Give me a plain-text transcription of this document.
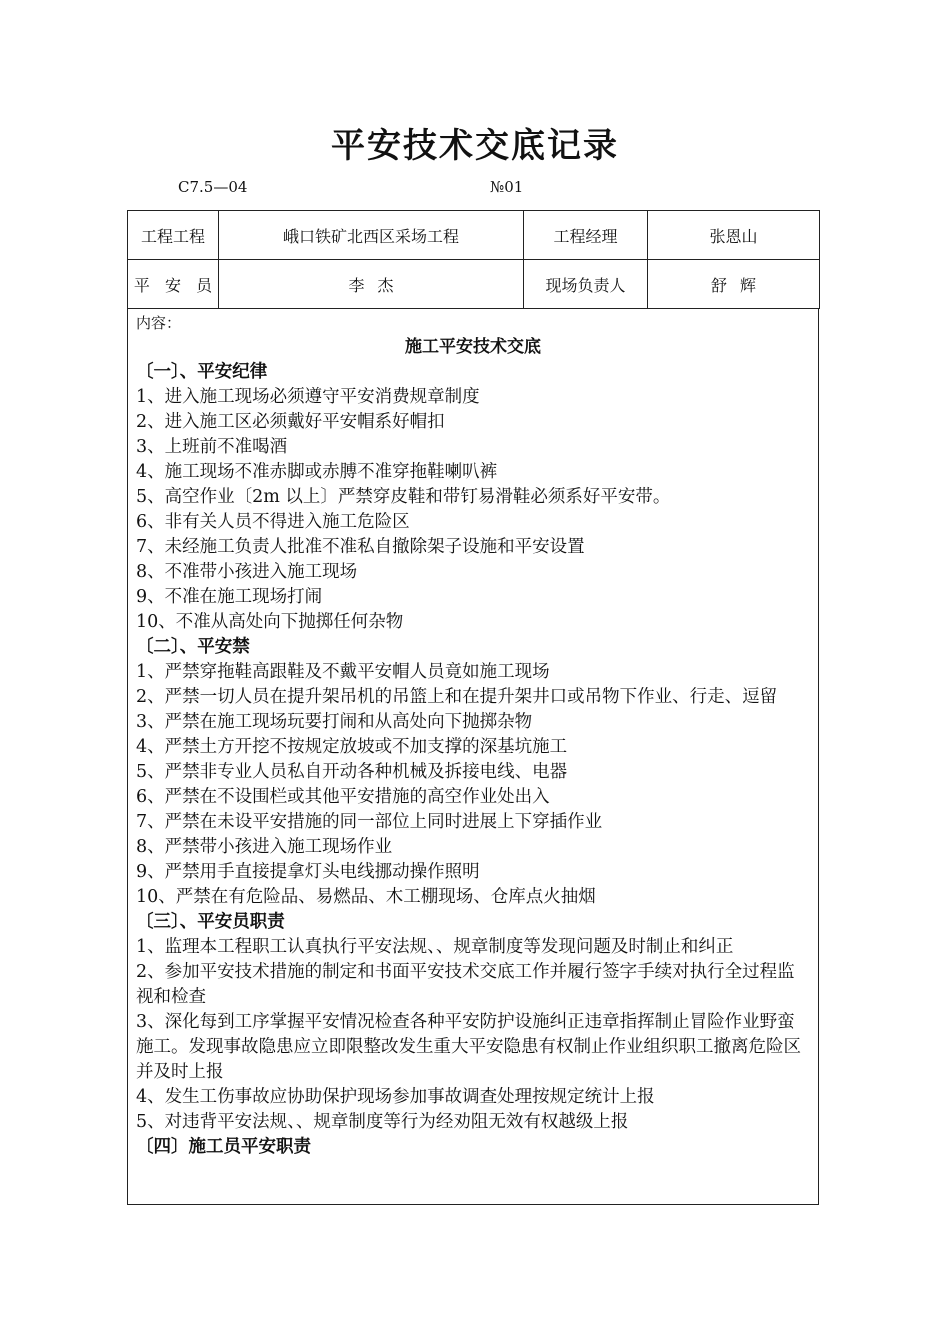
平安技术交底记录
C7.5—04	№01
工程工程	峨口铁矿北西区采场工程	工程经理	张恩山
平 安 员	李 杰	现场负责人	舒 辉
内容：
施工平安技术交底
〔一〕、平安纪律
1、进入施工现场必须遵守平安消费规章制度
2、进入施工区必须戴好平安帽系好帽扣
3、上班前不准喝酒
4、施工现场不准赤脚或赤膊不准穿拖鞋喇叭裤
5、高空作业〔2m 以上〕严禁穿皮鞋和带钉易滑鞋必须系好平安带。
6、非有关人员不得进入施工危险区
7、未经施工负责人批准不准私自撤除架子设施和平安设置
8、不准带小孩进入施工现场
9、不准在施工现场打闹
10、不准从高处向下抛掷任何杂物
〔二〕、平安禁
1、严禁穿拖鞋高跟鞋及不戴平安帽人员竟如施工现场
2、严禁一切人员在提升架吊机的吊篮上和在提升架井口或吊物下作业、行走、逗留
3、严禁在施工现场玩要打闹和从高处向下抛掷杂物
4、严禁土方开挖不按规定放坡或不加支撑的深基坑施工
5、严禁非专业人员私自开动各种机械及拆接电线、电器
6、严禁在不设围栏或其他平安措施的高空作业处出入
7、严禁在未设平安措施的同一部位上同时进展上下穿插作业
8、严禁带小孩进入施工现场作业
9、严禁用手直接提拿灯头电线挪动操作照明
10、严禁在有危险品、易燃品、木工棚现场、仓库点火抽烟
〔三〕、平安员职责
1、监理本工程职工认真执行平安法规、、规章制度等发现问题及时制止和纠正
2、参加平安技术措施的制定和书面平安技术交底工作并履行签字手续对执行全过程监视和检查
3、深化每到工序掌握平安情况检查各种平安防护设施纠正违章指挥制止冒险作业野蛮施工。发现事故隐患应立即限整改发生重大平安隐患有权制止作业组织职工撤离危险区并及时上报
4、发生工伤事故应协助保护现场参加事故调查处理按规定统计上报
5、对违背平安法规、、规章制度等行为经劝阻无效有权越级上报
〔四〕施工员平安职责
